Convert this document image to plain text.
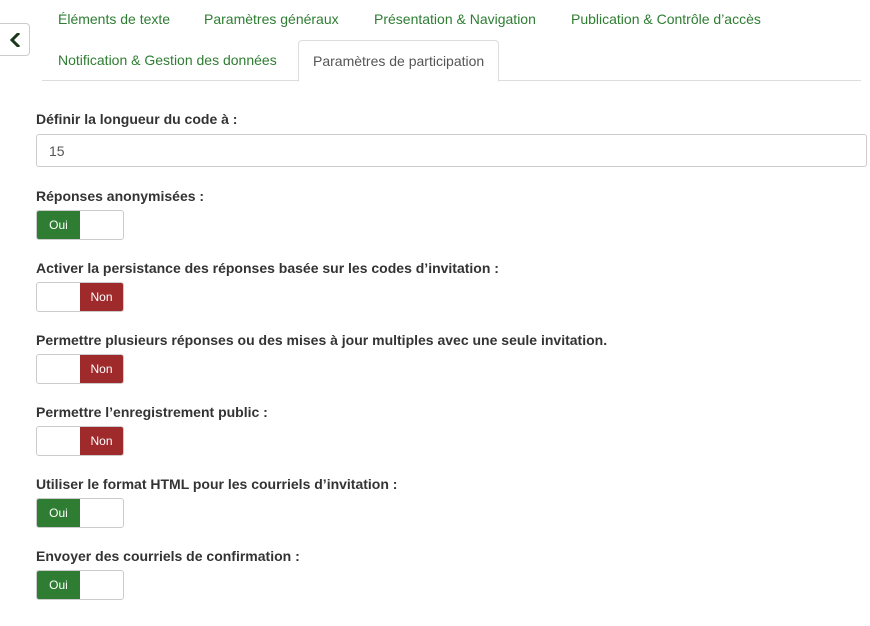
Éléments de texte Paramètres généraux	Présentation & Navigation	Publication & Contrôle d’accès
Notification & Gestion des données	Paramètres de participation
Définir la longueur du code à :
15
Réponses anonymisées :
Oui
Activer la persistance des réponses basée sur les codes d’invitation :
Non
Permettre plusieurs réponses ou des mises à jour multiples avec une seule invitation.
Non
Permettre l’enregistrement public :
Non
Utiliser le format HTML pour les courriels d’invitation :
Oui
Envoyer des courriels de confirmation :
Oui
